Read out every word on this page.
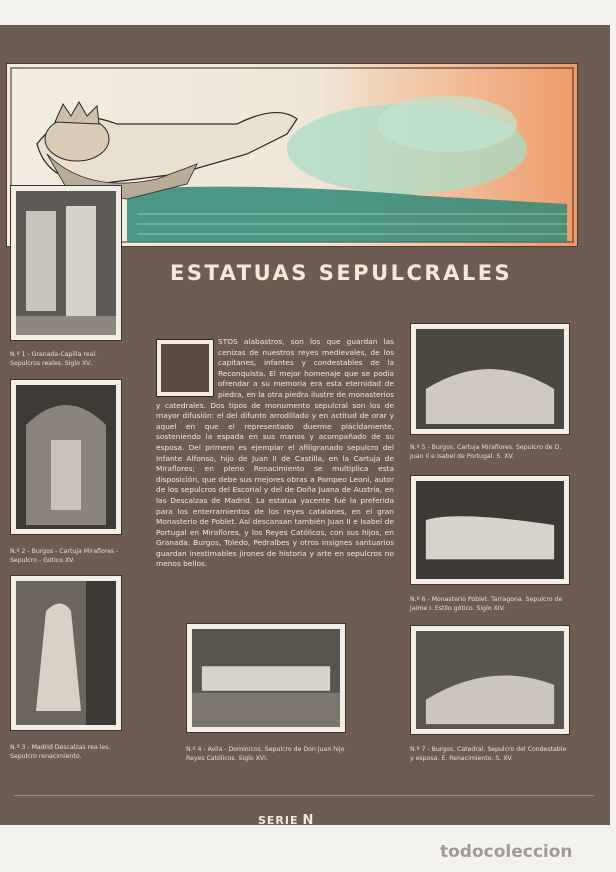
ESTATUAS SEPULCRALES
N.º 1 - Granada-Capilla real. Sepulcros reales. Siglo XV.
N.º 2 - Burgos - Cartuja Miraflores - Sepulcro - Gótico XV.
N.º 3 - Madrid Descalzas rea les. Sepulcro renacimiento.
N.º 4 - Avila - Dominicos. Sepulcro de Don Juan hijo Reyes Católicos. Siglo XVI.
N.º 5 - Burgos. Cartuja Miraflores. Sepulcro de D. Juan II e Isabel de Portugal. S. XV.
N.º 6 - Monasterio Poblet. Tarragona. Sepulcro de Jaime I. Estilo gótico. Siglo XIV.
N.º 7 - Burgos. Catedral. Sepulcro del Condestable y esposa. E. Renacimiento. S. XV.
STOS alabastros, son los que guardan las cenizas de nuestros reyes medievales, de los capitanes, infantes y condestables de la Reconquista. El mejor homenaje que se podía ofrendar a su memoria era esta eternidad de piedra, en la otra piedra ilustre de monasterios y catedrales. Dos tipos de monumento sepulcral son los de mayor difusión: el del difunto arrodillado y en actitud de orar y aquel en que el representado duerme plácidamente, sosteniendo la espada en sus manos y acompañado de su esposa. Del primero es ejemplar el afiligranado sepulcro del Infante Alfonso, hijo de Juan II de Castilla, en la Cartuja de Miraflores; en pleno Renacimiento se multiplica esta disposición, que debe sus mejores obras a Pompeo Leoni, autor de los sepulcros del Escorial y del de Doña Juana de Austria, en las Descalzas de Madrid. La estatua yacente fué la preferida para los enterramientos de los reyes catalanes, en el gran Monasterio de Poblet. Así descansan también Juan II e Isabel de Portugal en Miraflores, y los Reyes Católicos, con sus hijos, en Granada. Burgos, Toledo, Pedralbes y otros insignes santuarios guardan inestimables jirones de historia y arte en sepulcros no menos bellos.
SERIE N
todocoleccion
